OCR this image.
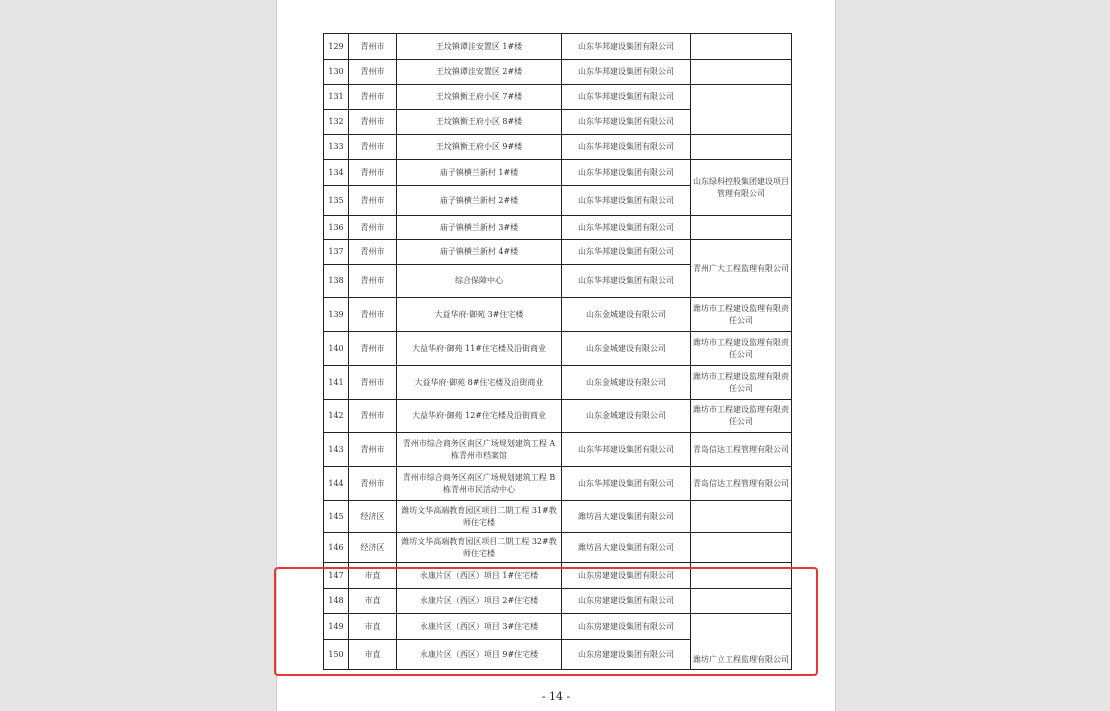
129	青州市	王坟镇谭洼安置区 1#楼	山东华邦建设集团有限公司	
130	青州市	王坟镇谭洼安置区 2#楼	山东华邦建设集团有限公司	
131	青州市	王坟镇衡王府小区 7#楼	山东华邦建设集团有限公司	
132	青州市	王坟镇衡王府小区 8#楼	山东华邦建设集团有限公司	
133	青州市	王坟镇衡王府小区 9#楼	山东华邦建设集团有限公司	
134	青州市	庙子镇横兰新村 1#楼	山东华邦建设集团有限公司	山东绿科控股集团建设项目管理有限公司
135	青州市	庙子镇横兰新村 2#楼	山东华邦建设集团有限公司	
136	青州市	庙子镇横兰新村 3#楼	山东华邦建设集团有限公司	
137	青州市	庙子镇横兰新村 4#楼	山东华邦建设集团有限公司	青州广大工程监理有限公司
138	青州市	综合保障中心	山东华邦建设集团有限公司	
139	青州市	大益华府·御苑 3#住宅楼	山东金城建设有限公司	潍坊市工程建设监理有限责任公司
140	青州市	大益华府·御苑 11#住宅楼及沿街商业	山东金城建设有限公司	潍坊市工程建设监理有限责任公司
141	青州市	大益华府·御苑 8#住宅楼及沿街商业	山东金城建设有限公司	潍坊市工程建设监理有限责任公司
142	青州市	大益华府·御苑 12#住宅楼及沿街商业	山东金城建设有限公司	潍坊市工程建设监理有限责任公司
143	青州市	青州市综合商务区南区广场规划建筑工程 A 栋青州市档案馆	山东华邦建设集团有限公司	青岛信达工程管理有限公司
144	青州市	青州市综合商务区南区广场规划建筑工程 B 栋青州市民活动中心	山东华邦建设集团有限公司	青岛信达工程管理有限公司
145	经济区	潍坊文华高端教育园区项目二期工程 31#教师住宅楼	潍坊昌大建设集团有限公司	
146	经济区	潍坊文华高端教育园区项目二期工程 32#教师住宅楼	潍坊昌大建设集团有限公司	
147	市直	永康片区（西区）项目 1#住宅楼	山东房建建设集团有限公司	
148	市直	永康片区（西区）项目 2#住宅楼	山东房建建设集团有限公司	
149	市直	永康片区（西区）项目 3#住宅楼	山东房建建设集团有限公司	潍坊广立工程监理有限公司
150	市直	永康片区（西区）项目 9#住宅楼	山东房建建设集团有限公司	
- 14 -
